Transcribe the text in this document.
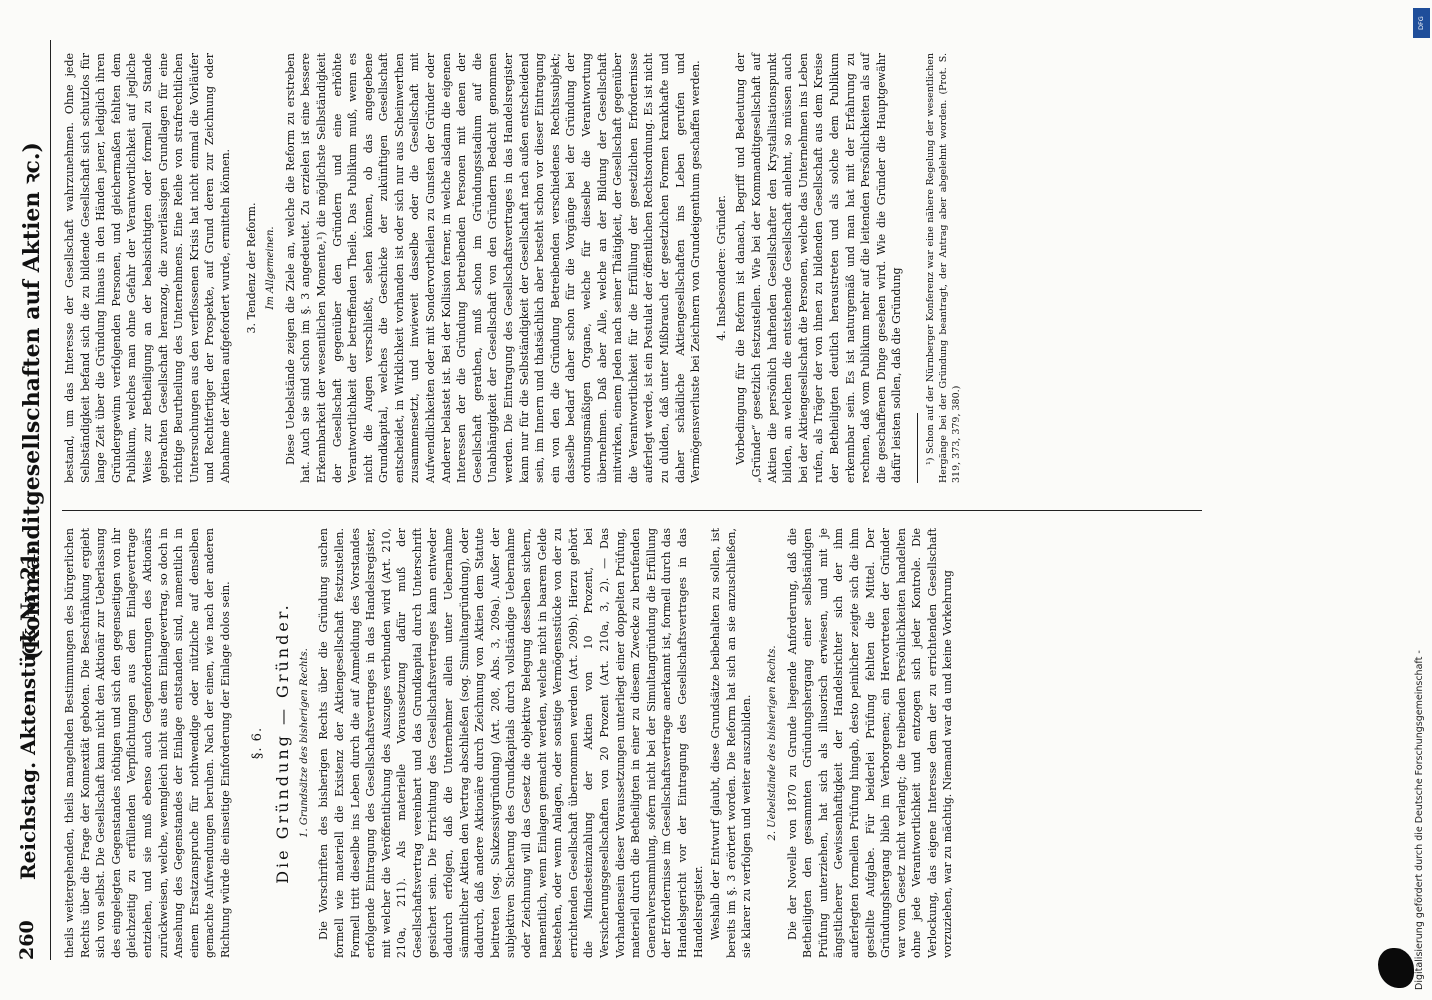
260
Reichstag. Aktenstück Nr. 21.
(Kommanditgesellschaften auf Aktien ꝛc.)

theils weitergehenden, theils mangelnden Bestimmungen des bürgerlichen Rechts über die Frage der Konnexität geboten. Die Beschränkung ergiebt sich von selbst. Die Gesellschaft kann nicht den Aktionär zur Ueberlassung des eingelegten Gegenstandes nöthigen und sich den gegenseitigen von ihr gleichzeitig zu erfüllenden Verpflichtungen aus dem Einlagevertrage entziehen, und sie muß ebenso auch Gegenforderungen des Aktionärs zurückweisen, welche, wenngleich nicht aus dem Einlagevertrag, so doch in Ansehung des Gegenstandes der Einlage entstanden sind, namentlich in einem Ersatzanspruche für nothwendige oder nützliche auf denselben gemachte Aufwendungen beruhen. Nach der einen, wie nach der anderen Richtung würde die einseitige Einforderung der Einlage dolos sein. §. 6. Die Gründung — Gründer. 1. Grundsätze des bisherigen Rechts. Die Vorschriften des bisherigen Rechts über die Gründung suchen formell wie materiell die Existenz der Aktiengesellschaft festzustellen. Formell tritt dieselbe ins Leben durch die auf Anmeldung des Vorstandes erfolgende Eintragung des Gesellschaftsvertrages in das Handelsregister, mit welcher die Veröffentlichung des Auszuges verbunden wird (Art. 210, 210a, 211). Als materielle Voraussetzung dafür muß der Gesellschaftsvertrag vereinbart und das Grundkapital durch Unterschrift gesichert sein. Die Errichtung des Gesellschaftsvertrages kann entweder dadurch erfolgen, daß die Unternehmer allein unter Uebernahme sämmtlicher Aktien den Vertrag abschließen (sog. Simultangründung), oder dadurch, daß andere Aktionäre durch Zeichnung von Aktien dem Statute beitreten (sog. Sukzessivgründung) (Art. 208, Abs. 3, 209a). Außer der subjektiven Sicherung des Grundkapitals durch vollständige Uebernahme oder Zeichnung will das Gesetz die objektive Belegung desselben sichern, namentlich, wenn Einlagen gemacht werden, welche nicht in baarem Gelde bestehen, oder wenn Anlagen, oder sonstige Vermögensstücke von der zu errichtenden Gesellschaft übernommen werden (Art. 209b). Hierzu gehört die Mindesteinzahlung der Aktien von 10 Prozent, bei Versicherungsgesellschaften von 20 Prozent (Art. 210a, 3, 2). — Das Vorhandensein dieser Voraussetzungen unterliegt einer doppelten Prüfung, materiell durch die Betheiligten in einer zu diesem Zwecke zu berufenden Generalversammlung, sofern nicht bei der Simultangründung die Erfüllung der Erfordernisse im Gesellschaftsvertrage anerkannt ist, formell durch das Handelsgericht vor der Eintragung des Gesellschaftsvertrages in das Handelsregister. Weshalb der Entwurf glaubt, diese Grundsätze beibehalten zu sollen, ist bereits im §. 3 erörtert worden. Die Reform hat sich an sie anzuschließen, sie klarer zu verfolgen und weiter auszubilden. 2. Uebelstände des bisherigen Rechts. Die der Novelle von 1870 zu Grunde liegende Anforderung, daß die Betheiligten den gesammten Gründungshergang einer selbständigen Prüfung unterziehen, hat sich als illusorisch erwiesen, und mit je ängstlicherer Gewissenhaftigkeit der Handelsrichter sich der ihm auferlegten formellen Prüfung hingab, desto peinlicher zeigte sich die ihm gestellte Aufgabe. Für beiderlei Prüfung fehlten die Mittel. Der Gründungshergang blieb im Verborgenen; ein Hervortreten der Gründer war vom Gesetz nicht verlangt; die treibenden Persönlichkeiten handelten ohne jede Verantwortlichkeit und entzogen sich jeder Kontrole. Die Verlockung, das eigene Interesse dem der zu errichtenden Gesellschaft vorzuziehen, war zu mächtig. Niemand war da und keine Vorkehrung

bestand, um das Interesse der Gesellschaft wahrzunehmen. Ohne jede Selbständigkeit befand sich die zu bildende Gesellschaft sich schutzlos für lange Zeit über die Gründung hinaus in den Händen jener, lediglich ihren Gründergewinn verfolgenden Personen, und gleichermaßen fehlten dem Publikum, welches man ohne Gefahr der Verantwortlichkeit auf jegliche Weise zur Betheiligung an der beabsichtigten oder formell zu Stande gebrachten Gesellschaft heranzog, die zuverlässigen Grundlagen für eine richtige Beurtheilung des Unternehmens. Eine Reihe von strafrechtlichen Untersuchungen aus den verflossenen Krisis hat nicht einmal die Vorläufer und Rechtfertiger der Prospekte, auf Grund deren zur Zeichnung oder Abnahme der Aktien aufgefordert wurde, ermitteln können. 3. Tendenz der Reform. Im Allgemeinen. Diese Uebelstände zeigen die Ziele an, welche die Reform zu erstreben hat. Auch sie sind schon im §. 3 angedeutet. Zu erzielen ist eine bessere Erkennbarkeit der wesentlichen Momente,¹) die möglichste Selbständigkeit der Gesellschaft gegenüber den Gründern und eine erhöhte Verantwortlichkeit der betreffenden Theile. Das Publikum muß, wenn es nicht die Augen verschließt, sehen können, ob das angegebene Grundkapital, welches die Geschicke der zukünftigen Gesellschaft entscheidet, in Wirklichkeit vorhanden ist oder sich nur aus Scheinwerthen zusammensetzt, und inwieweit dasselbe oder die Gesellschaft mit Aufwendlichkeiten oder mit Sondervortheilen zu Gunsten der Gründer oder Anderer belastet ist. Bei der Kollision ferner, in welche alsdann die eigenen Interessen der die Gründung betreibenden Personen mit denen der Gesellschaft gerathen, muß schon im Gründungsstadium auf die Unabhängigkeit der Gesellschaft von den Gründern Bedacht genommen werden. Die Eintragung des Gesellschaftsvertrages in das Handelsregister kann nur für die Selbständigkeit der Gesellschaft nach außen entscheidend sein, im Innern und thatsächlich aber besteht schon vor dieser Eintragung ein von den die Gründung Betreibenden verschiedenes Rechtssubjekt; dasselbe bedarf daher schon für die Vorgänge bei der Gründung der ordnungsmäßigen Organe, welche für dieselbe die Verantwortung übernehmen. Daß aber Alle, welche an der Bildung der Gesellschaft mitwirken, einem Jeden nach seiner Thätigkeit, der Gesellschaft gegenüber die Verantwortlichkeit für die Erfüllung der gesetzlichen Erfordernisse auferlegt werde, ist ein Postulat der öffentlichen Rechtsordnung. Es ist nicht zu dulden, daß unter Mißbrauch der gesetzlichen Formen krankhafte und daher schädliche Aktiengesellschaften ins Leben gerufen und Vermögensverluste bei Zeichnern von Grundeigenthum geschaffen werden. 4. Insbesondere: Gründer. Vorbedingung für die Reform ist danach, Begriff und Bedeutung der „Gründer“ gesetzlich festzustellen. Wie bei der Kommanditgesellschaft auf Aktien die persönlich haftenden Gesellschafter den Krystallisationspunkt bilden, an welchen die entstehende Gesellschaft anlehnt, so müssen auch bei der Aktiengesellschaft die Personen, welche das Unternehmen ins Leben rufen, als Träger der von ihnen zu bildenden Gesellschaft aus dem Kreise der Betheiligten deutlich heraustreten und als solche dem Publikum erkennbar sein. Es ist naturgemäß und man hat mit der Erfahrung zu rechnen, daß vom Publikum mehr auf die leitenden Persönlichkeiten als auf die geschaffenen Dinge gesehen wird. Wie die Gründer die Hauptgewähr dafür leisten sollen, daß die Gründung ¹) Schon auf der Nürnberger Konferenz war eine nähere Regelung der wesentlichen Hergänge bei der Gründung beantragt, der Antrag aber abgelehnt worden. (Prot. S. 319, 373, 379, 380.)

DFG
Digitalisierung gefördert durch die Deutsche Forschungsgemeinschaft -
